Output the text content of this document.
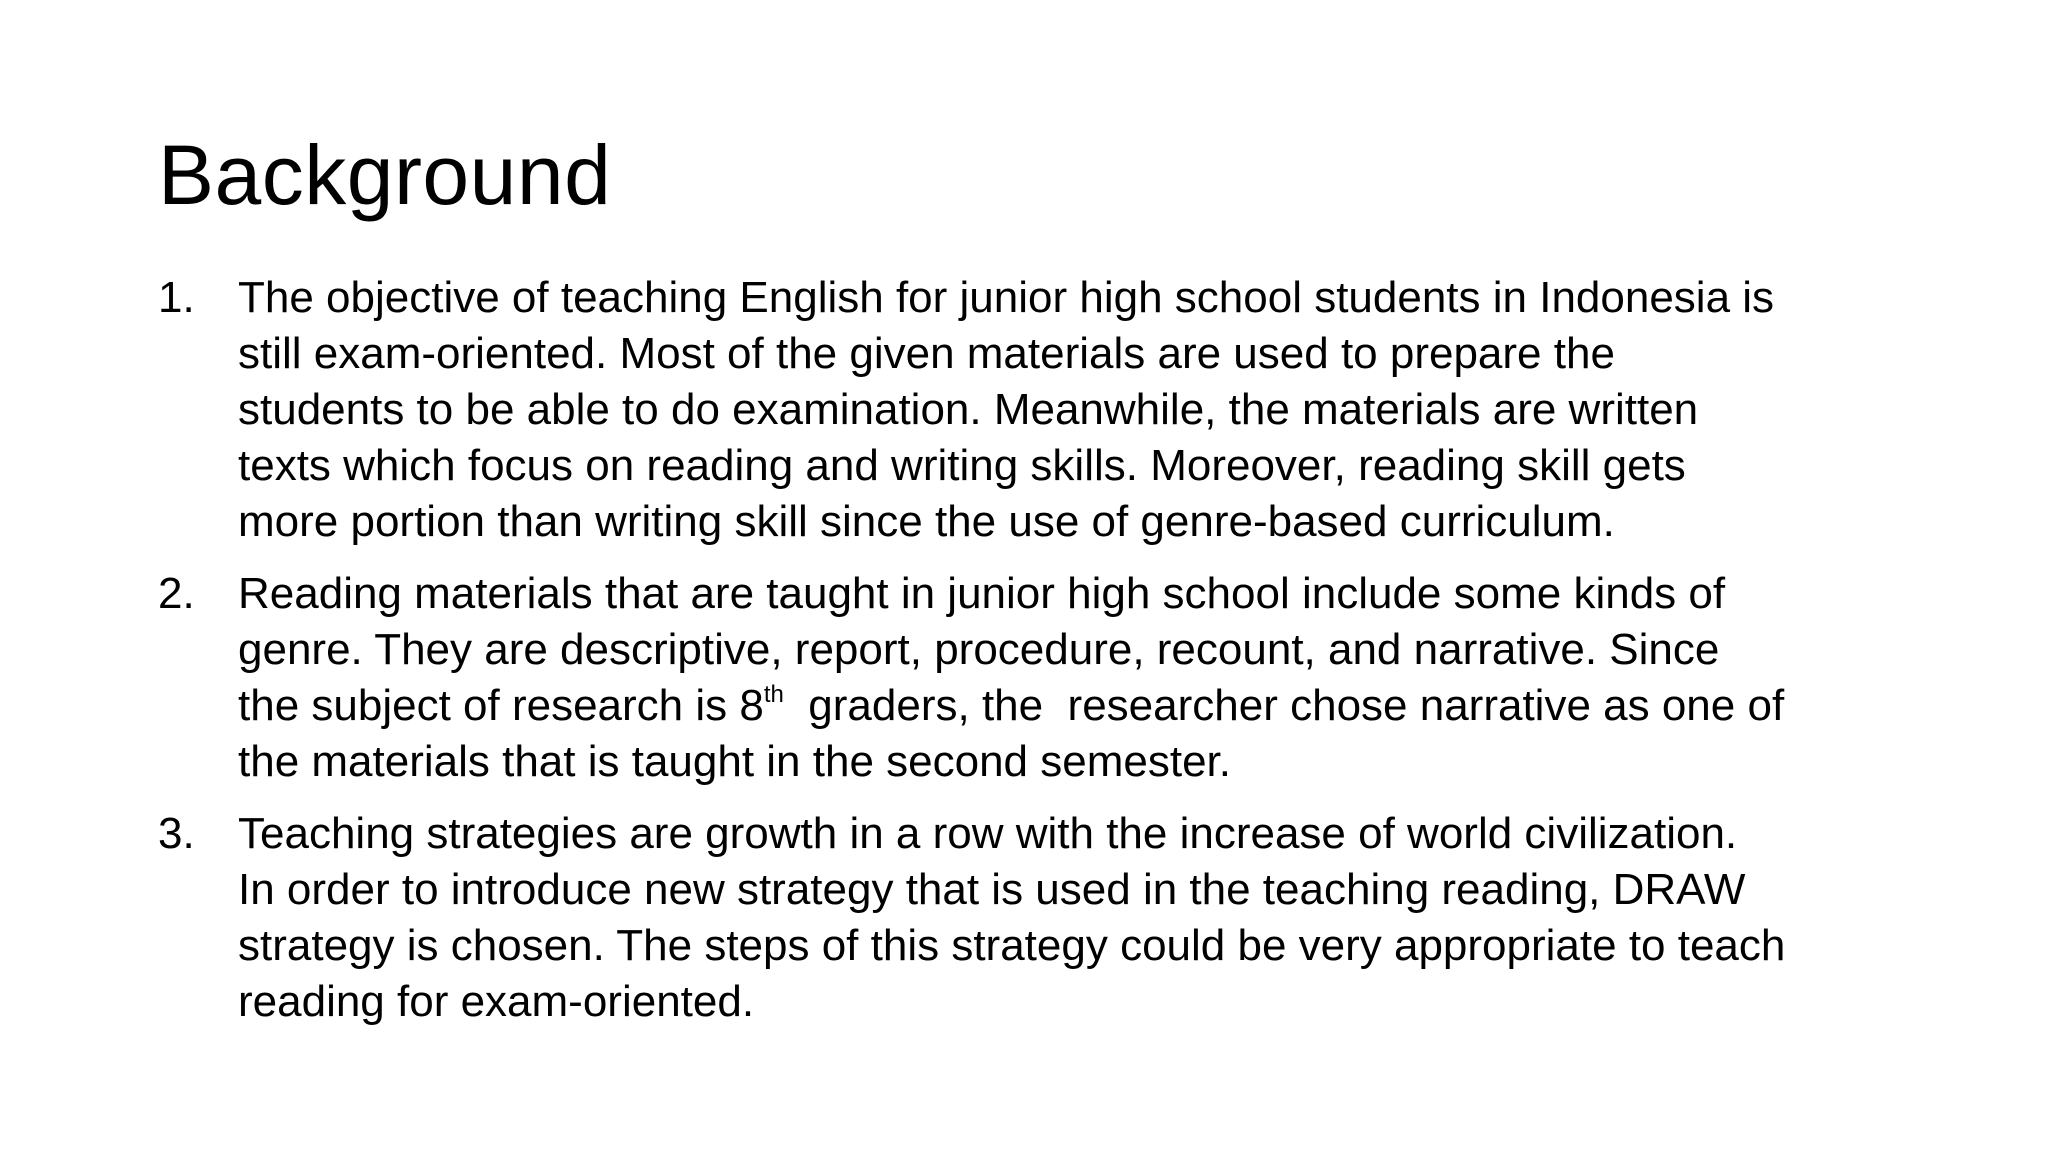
Background
1. The objective of teaching English for junior high school students in Indonesia is
still exam-oriented. Most of the given materials are used to prepare the
students to be able to do examination. Meanwhile, the materials are written
texts which focus on reading and writing skills. Moreover, reading skill gets
more portion than writing skill since the use of genre-based curriculum.
2. Reading materials that are taught in junior high school include some kinds of
genre. They are descriptive, report, procedure, recount, and narrative. Since
the subject of research is 8th  graders, the  researcher chose narrative as one of
the materials that is taught in the second semester.
3. Teaching strategies are growth in a row with the increase of world civilization.
In order to introduce new strategy that is used in the teaching reading, DRAW
strategy is chosen. The steps of this strategy could be very appropriate to teach
reading for exam-oriented.
